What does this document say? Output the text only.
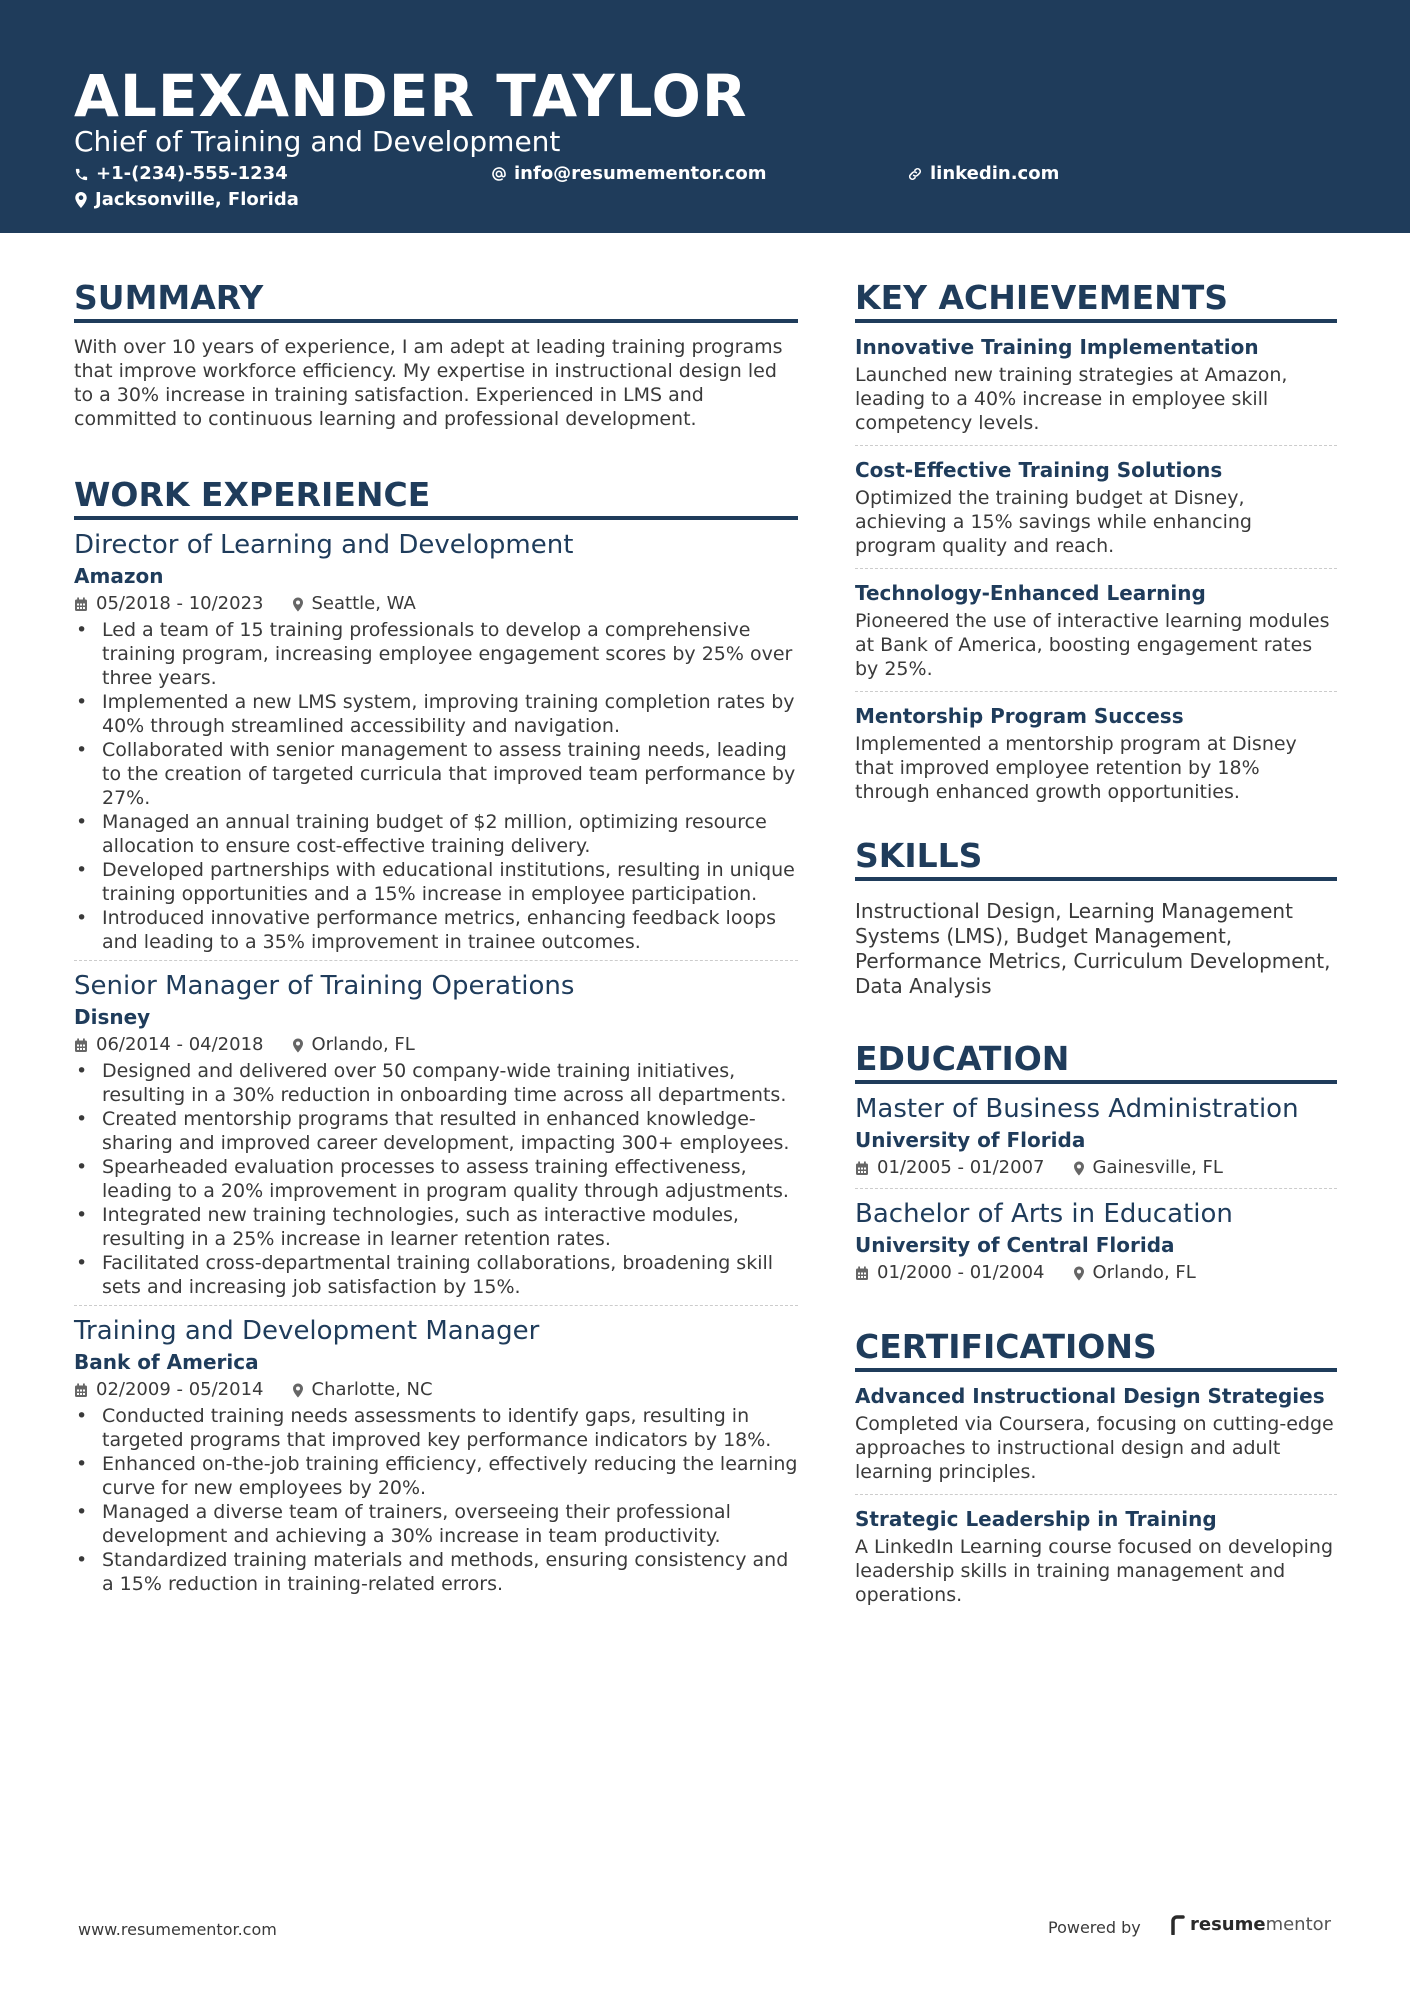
ALEXANDER TAYLOR
Chief of Training and Development
+1-(234)-555-1234	info@resumementor.com	linkedin.com
Jacksonville, Florida
SUMMARY
With over 10 years of experience, I am adept at leading training programs that improve workforce efficiency. My expertise in instructional design led to a 30% increase in training satisfaction. Experienced in LMS and committed to continuous learning and professional development.
WORK EXPERIENCE
Director of Learning and Development
Amazon
05/2018 - 10/2023	Seattle, WA
• Led a team of 15 training professionals to develop a comprehensive training program, increasing employee engagement scores by 25% over three years.
• Implemented a new LMS system, improving training completion rates by 40% through streamlined accessibility and navigation.
• Collaborated with senior management to assess training needs, leading to the creation of targeted curricula that improved team performance by 27%.
• Managed an annual training budget of $2 million, optimizing resource allocation to ensure cost-effective training delivery.
• Developed partnerships with educational institutions, resulting in unique training opportunities and a 15% increase in employee participation.
• Introduced innovative performance metrics, enhancing feedback loops and leading to a 35% improvement in trainee outcomes.
Senior Manager of Training Operations
Disney
06/2014 - 04/2018	Orlando, FL
• Designed and delivered over 50 company-wide training initiatives, resulting in a 30% reduction in onboarding time across all departments.
• Created mentorship programs that resulted in enhanced knowledge-sharing and improved career development, impacting 300+ employees.
• Spearheaded evaluation processes to assess training effectiveness, leading to a 20% improvement in program quality through adjustments.
• Integrated new training technologies, such as interactive modules, resulting in a 25% increase in learner retention rates.
• Facilitated cross-departmental training collaborations, broadening skill sets and increasing job satisfaction by 15%.
Training and Development Manager
Bank of America
02/2009 - 05/2014	Charlotte, NC
• Conducted training needs assessments to identify gaps, resulting in targeted programs that improved key performance indicators by 18%.
• Enhanced on-the-job training efficiency, effectively reducing the learning curve for new employees by 20%.
• Managed a diverse team of trainers, overseeing their professional development and achieving a 30% increase in team productivity.
• Standardized training materials and methods, ensuring consistency and a 15% reduction in training-related errors.
KEY ACHIEVEMENTS
Innovative Training Implementation
Launched new training strategies at Amazon, leading to a 40% increase in employee skill competency levels.
Cost-Effective Training Solutions
Optimized the training budget at Disney, achieving a 15% savings while enhancing program quality and reach.
Technology-Enhanced Learning
Pioneered the use of interactive learning modules at Bank of America, boosting engagement rates by 25%.
Mentorship Program Success
Implemented a mentorship program at Disney that improved employee retention by 18% through enhanced growth opportunities.
SKILLS
Instructional Design, Learning Management Systems (LMS), Budget Management, Performance Metrics, Curriculum Development, Data Analysis
EDUCATION
Master of Business Administration
University of Florida
01/2005 - 01/2007	Gainesville, FL
Bachelor of Arts in Education
University of Central Florida
01/2000 - 01/2004	Orlando, FL
CERTIFICATIONS
Advanced Instructional Design Strategies
Completed via Coursera, focusing on cutting-edge approaches to instructional design and adult learning principles.
Strategic Leadership in Training
A LinkedIn Learning course focused on developing leadership skills in training management and operations.
www.resumementor.com	Powered by	resume mentor
